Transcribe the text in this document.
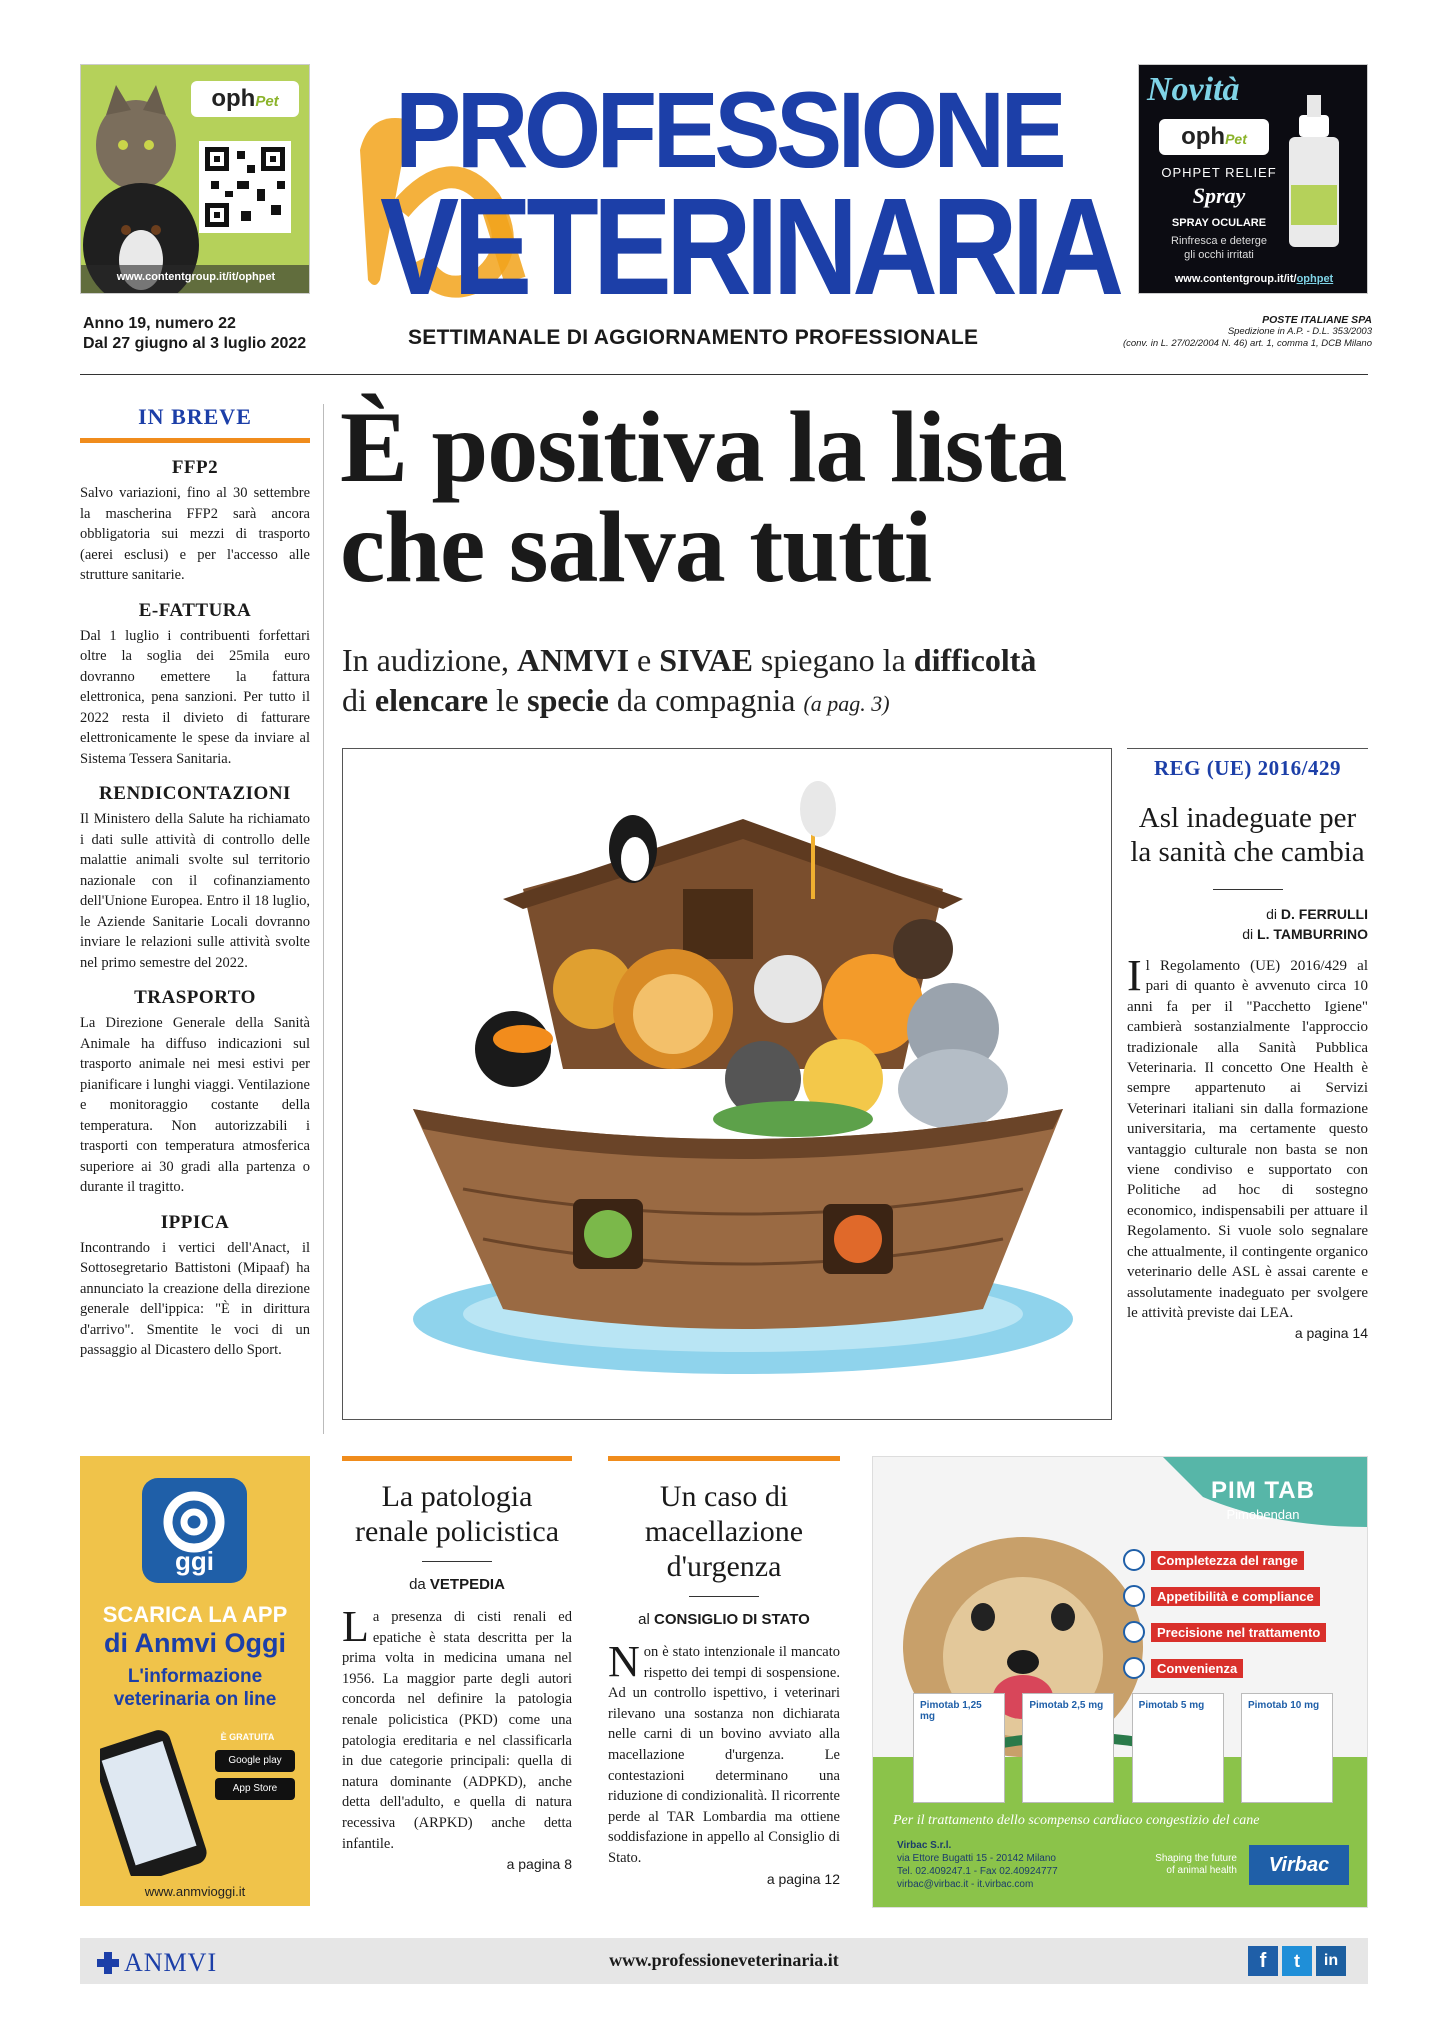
ophPet
www.contentgroup.it/it/ophpet
PROFESSIONE
VETERINARIA
Novità
ophPet
OPHPET RELIEF
Spray
SPRAY OCULARE
Rinfresca e deterge
gli occhi irritati
www.contentgroup.it/it/ophpet
Anno 19, numero 22
Dal 27 giugno al 3 luglio 2022	SETTIMANALE DI AGGIORNAMENTO PROFESSIONALE
POSTE ITALIANE SPA
Spedizione in A.P. - D.L. 353/2003
(conv. in L. 27/02/2004 N. 46) art. 1, comma 1, DCB Milano
IN BREVE
FFP2
Salvo variazioni, fino al 30 settembre la mascherina FFP2 sarà ancora obbligatoria sui mezzi di trasporto (aerei esclusi) e per l'accesso alle strutture sanitarie.
E-FATTURA
Dal 1 luglio i contribuenti forfettari oltre la soglia dei 25mila euro dovranno emettere la fattura elettronica, pena sanzioni. Per tutto il 2022 resta il divieto di fatturare elettronicamente le spese da inviare al Sistema Tessera Sanitaria.
RENDICONTAZIONI
Il Ministero della Salute ha richiamato i dati sulle attività di controllo delle malattie animali svolte sul territorio nazionale con il cofinanziamento dell'Unione Europea. Entro il 18 luglio, le Aziende Sanitarie Locali dovranno inviare le relazioni sulle attività svolte nel primo semestre del 2022.
TRASPORTO
La Direzione Generale della Sanità Animale ha diffuso indicazioni sul trasporto animale nei mesi estivi per pianificare i lunghi viaggi. Ventilazione e monitoraggio costante della temperatura. Non autorizzabili i trasporti con temperatura atmosferica superiore ai 30 gradi alla partenza o durante il tragitto.
IPPICA
Incontrando i vertici dell'Anact, il Sottosegretario Battistoni (Mipaaf) ha annunciato la creazione della direzione generale dell'ippica: "È in dirittura d'arrivo". Smentite le voci di un passaggio al Dicastero dello Sport.
È positiva la lista
che salva tutti
In audizione, ANMVI e SIVAE spiegano la difficoltà
di elencare le specie da compagnia (a pag. 3)
REG (UE) 2016/429
Asl inadeguate per la sanità che cambia
di D. FERRULLI
di L. TAMBURRINO
Il Regolamento (UE) 2016/429 al pari di quanto è avvenuto circa 10 anni fa per il "Pacchetto Igiene" cambierà sostanzialmente l'approccio tradizionale alla Sanità Pubblica Veterinaria. Il concetto One Health è sempre appartenuto ai Servizi Veterinari italiani sin dalla formazione universitaria, ma certamente questo vantaggio culturale non basta se non viene condiviso e supportato con Politiche ad hoc di sostegno economico, indispensabili per attuare il Regolamento. Si vuole solo segnalare che attualmente, il contingente organico veterinario delle ASL è assai carente e assolutamente inadeguato per svolgere le attività previste dai LEA.
a pagina 14
ggi
SCARICA LA APP
di Anmvi Oggi
L'informazione
veterinaria on line
È GRATUITA
Google play
App Store
www.anmvioggi.it
La patologia renale policistica
da VETPEDIA
La presenza di cisti renali ed epatiche è stata descritta per la prima volta in medicina umana nel 1956. La maggior parte degli autori concorda nel definire la patologia renale policistica (PKD) come una patologia ereditaria e nel classificarla in due categorie principali: quella di natura dominante (ADPKD), anche detta dell'adulto, e quella di natura recessiva (ARPKD) anche detta infantile.
a pagina 8
Un caso di macellazione d'urgenza
al CONSIGLIO DI STATO
Non è stato intenzionale il mancato rispetto dei tempi di sospensione. Ad un controllo ispettivo, i veterinari rilevano una sostanza non dichiarata nelle carni di un bovino avviato alla macellazione d'urgenza. Le contestazioni determinano una riduzione di condizionalità. Il ricorrente perde al TAR Lombardia ma ottiene soddisfazione in appello al Consiglio di Stato.
a pagina 12
PIM TAB
Pimobendan
Completezza del range
Appetibilità e compliance
Precisione nel trattamento
Convenienza
Pimotab 1,25 mg
Pimotab 2,5 mg	Pimotab 5 mg	Pimotab 10 mg
Per il trattamento dello scompenso cardiaco congestizio del cane
Virbac S.r.l.
via Ettore Bugatti 15 - 20142 Milano
Tel. 02.409247.1 - Fax 02.40924777
virbac@virbac.it - it.virbac.com
Shaping the future
of animal health	Virbac
ANMVI	www.professioneveterinaria.it	f	t	in
